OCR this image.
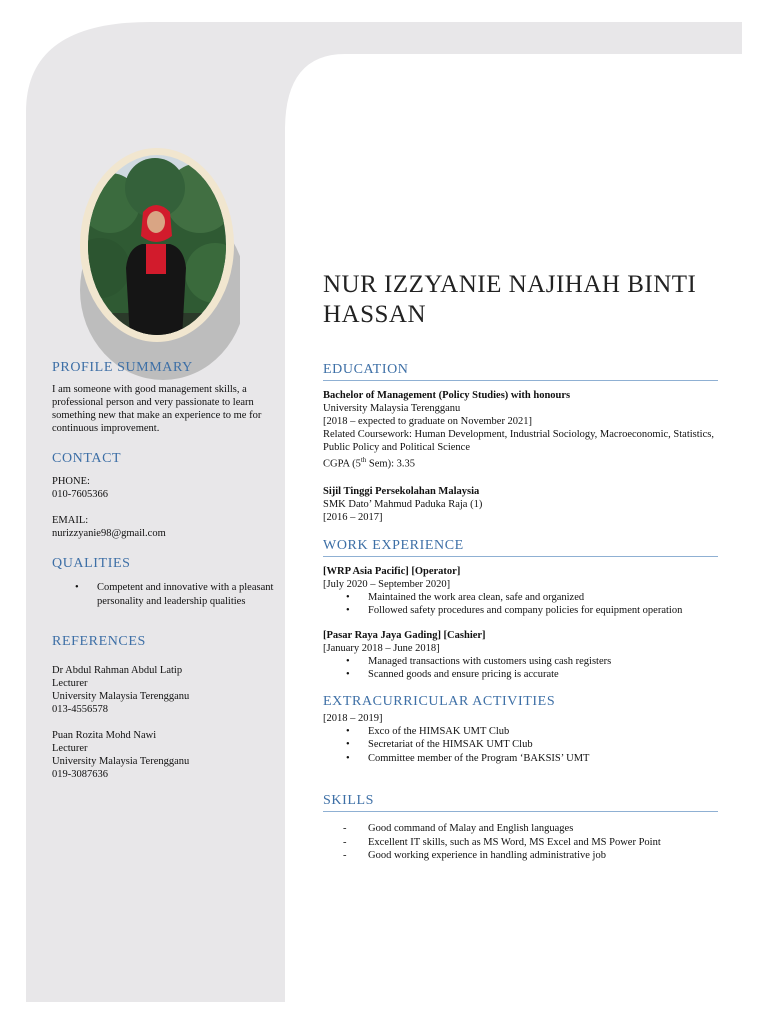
PROFILE SUMMARY

I am someone with good management skills, a professional person and very passionate to learn something new that make an experience to me for continuous improvement.

CONTACT
PHONE:
010-7605366
EMAIL:
nurizzyanie98@gmail.com
QUALITIES
• Competent and innovative with a pleasant personality and leadership qualities
REFERENCES
Dr Abdul Rahman Abdul Latip
Lecturer
University Malaysia Terengganu
013-4556578
Puan Rozita Mohd Nawi
Lecturer
University Malaysia Terengganu
019-3087636
NUR IZZYANIE NAJIHAH BINTI HASSAN
EDUCATION
Bachelor of Management (Policy Studies) with honours
University Malaysia Terengganu
[2018 – expected to graduate on November 2021]
Related Coursework: Human Development, Industrial Sociology, Macroeconomic, Statistics, Public Policy and Political Science
CGPA (5th Sem): 3.35
Sijil Tinggi Persekolahan Malaysia
SMK Dato’ Mahmud Paduka Raja (1)
[2016 – 2017]
WORK EXPERIENCE
[WRP Asia Pacific] [Operator]
[July 2020 – September 2020]
• Maintained the work area clean, safe and organized
• Followed safety procedures and company policies for equipment operation
[Pasar Raya Jaya Gading] [Cashier]
[January 2018 – June 2018]
• Managed transactions with customers using cash registers
• Scanned goods and ensure pricing is accurate
EXTRACURRICULAR ACTIVITIES
[2018 – 2019]
• Exco of the HIMSAK UMT Club
• Secretariat of the HIMSAK UMT Club
• Committee member of the Program ‘BAKSIS’ UMT
SKILLS
- Good command of Malay and English languages
- Excellent IT skills, such as MS Word, MS Excel and MS Power Point
- Good working experience in handling administrative job
